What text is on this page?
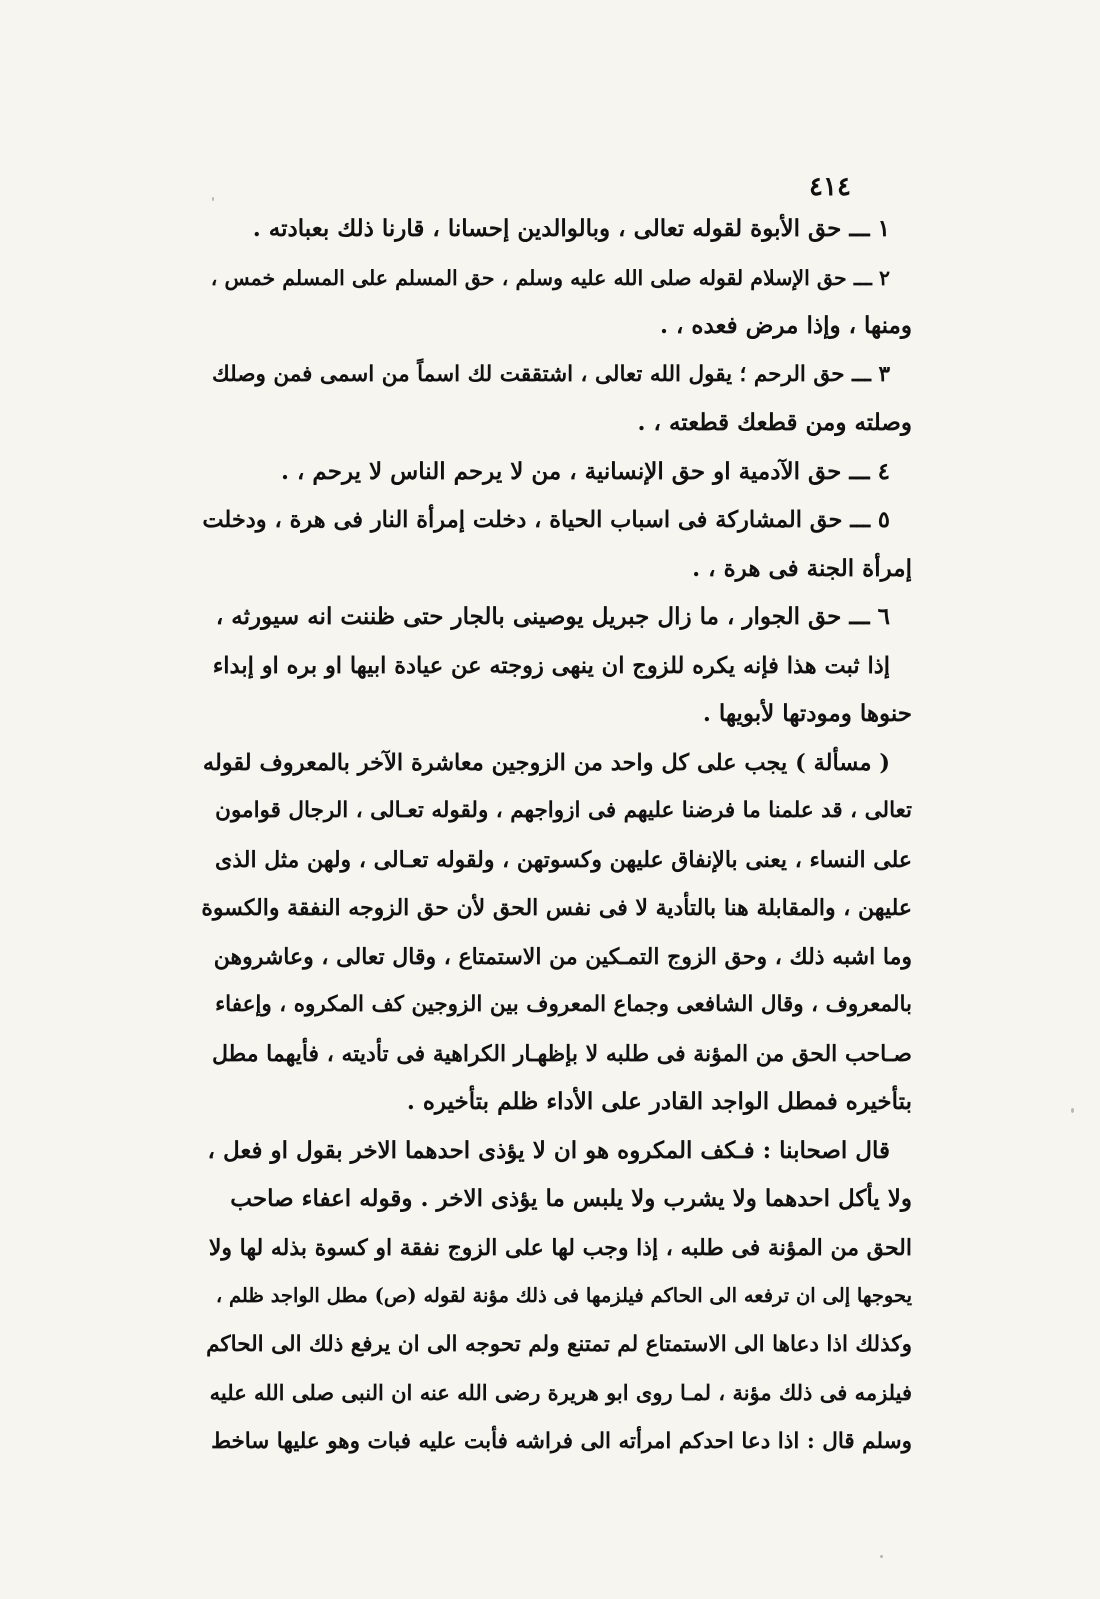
٤١٤
١ ـــ حق الأبوة لقوله تعالى ، وبالوالدين إحسانا ، قارنا ذلك بعبادته .
٢ ـــ حق الإسلام لقوله صلى الله عليه وسلم ، حق المسلم على المسلم خمس ،
ومنها ، وإذا مرض فعده ، .
٣ ـــ حق الرحم ؛ يقول الله تعالى ، اشتققت لك اسماً من اسمى فمن وصلك
وصلته ومن قطعك قطعته ، .
٤ ـــ حق الآدمية او حق الإنسانية ، من لا يرحم الناس لا يرحم ، .
٥ ـــ حق المشاركة فى اسباب الحياة ، دخلت إمرأة النار فى هرة ، ودخلت
إمرأة الجنة فى هرة ، .
٦ ـــ حق الجوار ، ما زال جبريل يوصينى بالجار حتى ظننت انه سيورثه ،
إذا ثبت هذا فإنه يكره للزوج ان ينهى زوجته عن عيادة ابيها او بره او إبداء
حنوها ومودتها لأبويها .
( مسألة ) يجب على كل واحد من الزوجين معاشرة الآخر بالمعروف لقوله
تعالى ، قد علمنا ما فرضنا عليهم فى ازواجهم ، ولقوله تعـالى ، الرجال قوامون
على النساء ، يعنى بالإنفاق عليهن وكسوتهن ، ولقوله تعـالى ، ولهن مثل الذى
عليهن ، والمقابلة هنا بالتأدية لا فى نفس الحق لأن حق الزوجه النفقة والكسوة
وما اشبه ذلك ، وحق الزوج التمـكين من الاستمتاع ، وقال تعالى ، وعاشروهن
بالمعروف ، وقال الشافعى وجماع المعروف بين الزوجين كف المكروه ، وإعفاء
صـاحب الحق من المؤنة فى طلبه لا بإظهـار الكراهية فى تأديته ، فأيهما مطل
بتأخيره فمطل الواجد القادر على الأداء ظلم بتأخيره .
قال اصحابنا : فـكف المكروه هو ان لا يؤذى احدهما الاخر بقول او فعل ،
ولا يأكل احدهما ولا يشرب ولا يلبس ما يؤذى الاخر . وقوله اعفاء صاحب
الحق من المؤنة فى طلبه ، إذا وجب لها على الزوج نفقة او كسوة بذله لها ولا
يحوجها إلى ان ترفعه الى الحاكم فيلزمها فى ذلك مؤنة لقوله (ص) مطل الواجد ظلم ،
وكذلك اذا دعاها الى الاستمتاع لم تمتنع ولم تحوجه الى ان يرفع ذلك الى الحاكم
فيلزمه فى ذلك مؤنة ، لمـا روى ابو هريرة رضى الله عنه ان النبى صلى الله عليه
وسلم قال : اذا دعا احدكم امرأته الى فراشه فأبت عليه فبات وهو عليها ساخط
